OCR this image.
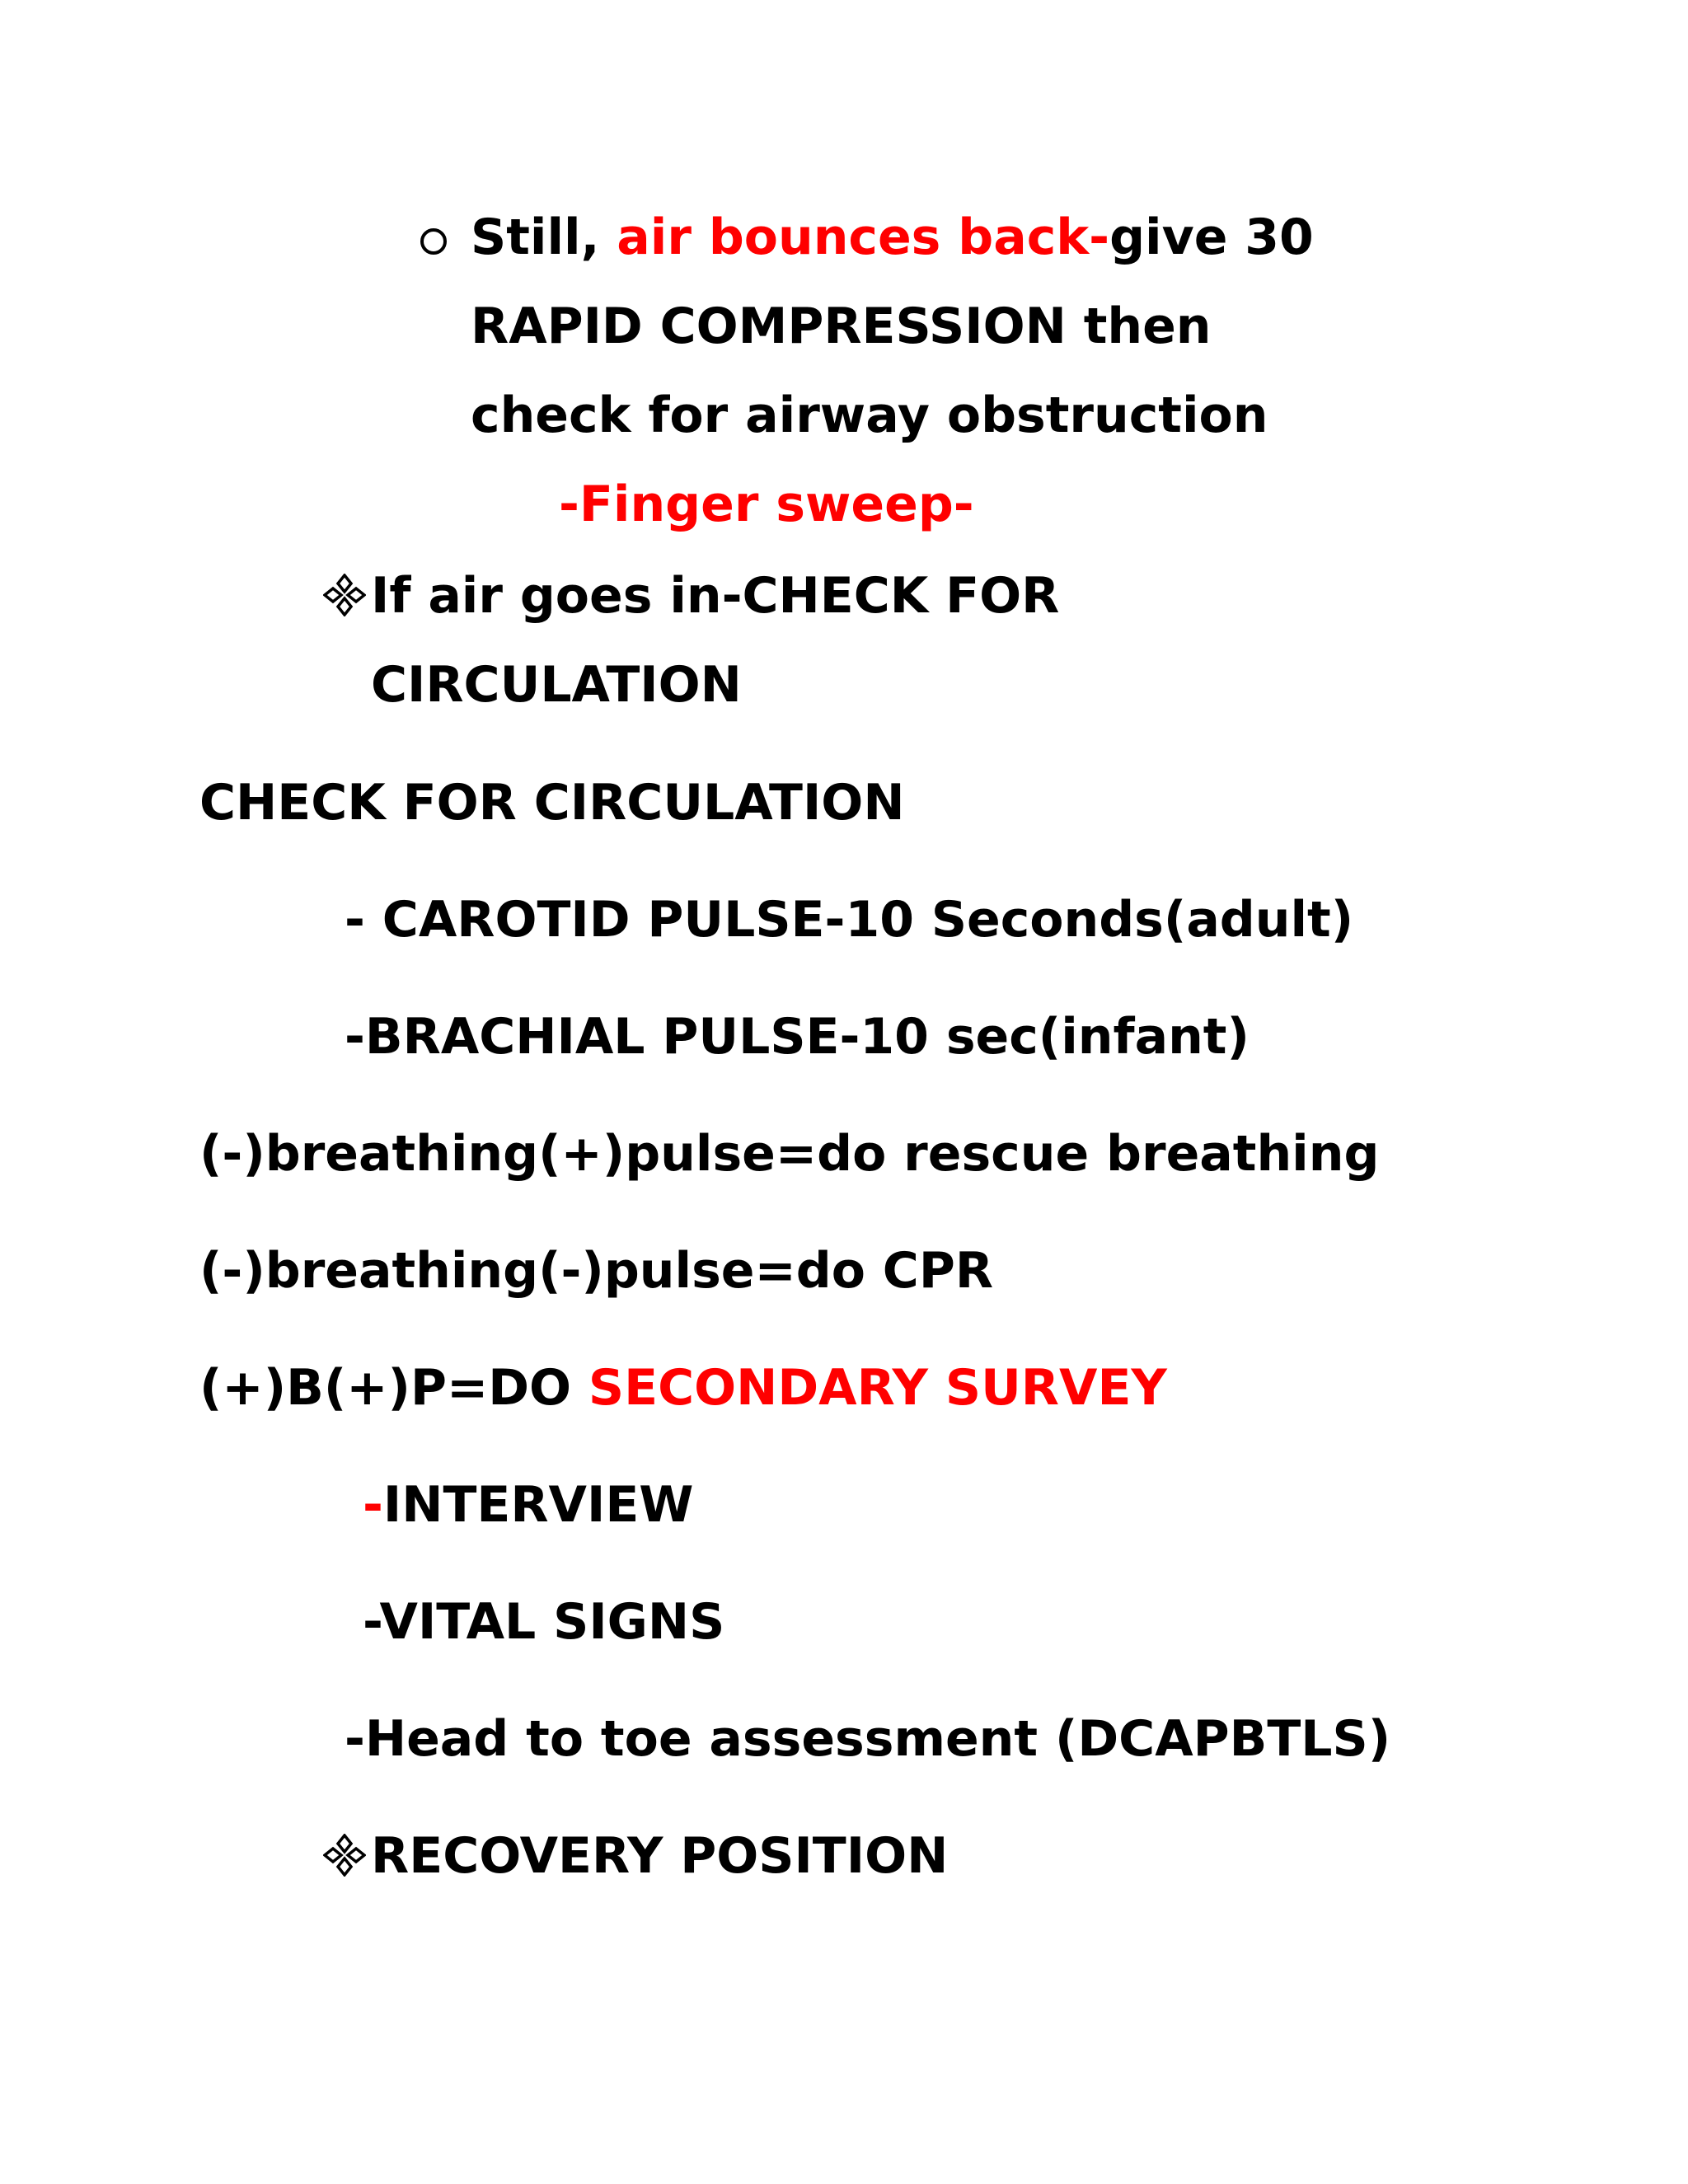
Still, air bounces back-give 30
RAPID COMPRESSION then
check for airway obstruction
-Finger sweep-
If air goes in-CHECK FOR
CIRCULATION
CHECK FOR CIRCULATION
- CAROTID PULSE-10 Seconds(adult)
-BRACHIAL PULSE-10 sec(infant)
(-)breathing(+)pulse=do rescue breathing
(-)breathing(-)pulse=do CPR
(+)B(+)P=DO SECONDARY SURVEY
-INTERVIEW
-VITAL SIGNS
-Head to toe assessment (DCAPBTLS)
RECOVERY POSITION
